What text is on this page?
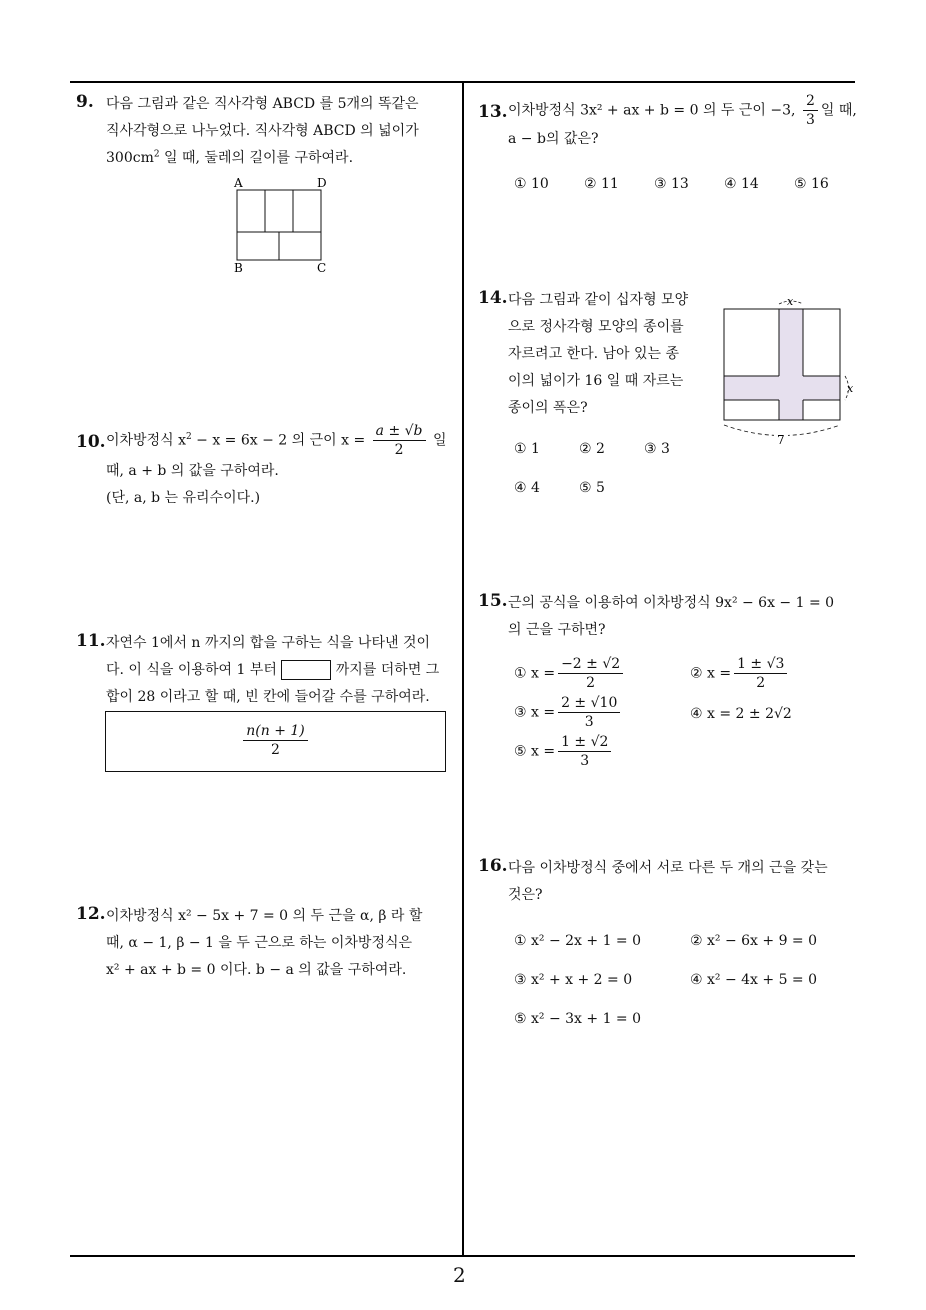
9. 다음 그림과 같은 직사각형 ABCD 를 5개의 똑같은
직사각형으로 나누었다. 직사각형 ABCD 의 넓이가
$300cm^2$ 일 때, 둘레의 길이를 구하여라.
A	D
B	C
10. 이차방정식 $x^2 - x = 6x - 2$ 의 근이 $x = \frac{a \pm √b}{2}$ 일
때, a + b 의 값을 구하여라.
(단, a, b 는 유리수이다.)
11. 자연수 1에서 n 까지의 합을 구하는 식을 나타낸 것이
다. 이 식을 이용하여 1 부터	까지를 더하면 그
합이 28 이라고 할 때, 빈 칸에 들어갈 수를 구하여라.
$\frac{n(n + 1)}{2}$
12. 이차방정식 x² − 5x + 7 = 0 의 두 근을 α, β 라 할
때, α − 1, β − 1 을 두 근으로 하는 이차방정식은
x² + ax + b = 0 이다. b − a 의 값을 구하여라.
13. 이차방정식 3x² + ax + b = 0 의 두 근이 −3, $\frac{2}{3}$ 일 때,
a − b의 값은?
① 10	② 11	③ 13	④ 14	⑤ 16
14. 다음 그림과 같이 십자형 모양
으로 정사각형 모양의 종이를
자르려고 한다. 남아 있는 종
이의 넓이가 16 일 때 자르는
종이의 폭은?
x
x
7
① 1	② 2	③ 3
④ 4	⑤ 5
15. 근의 공식을 이용하여 이차방정식 9x² − 6x − 1 = 0
의 근을 구하면?
① $x = \frac{-2 \pm √2}{2}$	② $x = \frac{1 \pm √3}{2}$
③ $x = \frac{2 \pm √10}{3}$	④ x = 2 ± 2√2
⑤ $x = \frac{1 \pm √2}{3}$
16. 다음 이차방정식 중에서 서로 다른 두 개의 근을 갖는
것은?
① x² − 2x + 1 = 0	② x² − 6x + 9 = 0
③ x² + x + 2 = 0	④ x² − 4x + 5 = 0
⑤ x² − 3x + 1 = 0
2
